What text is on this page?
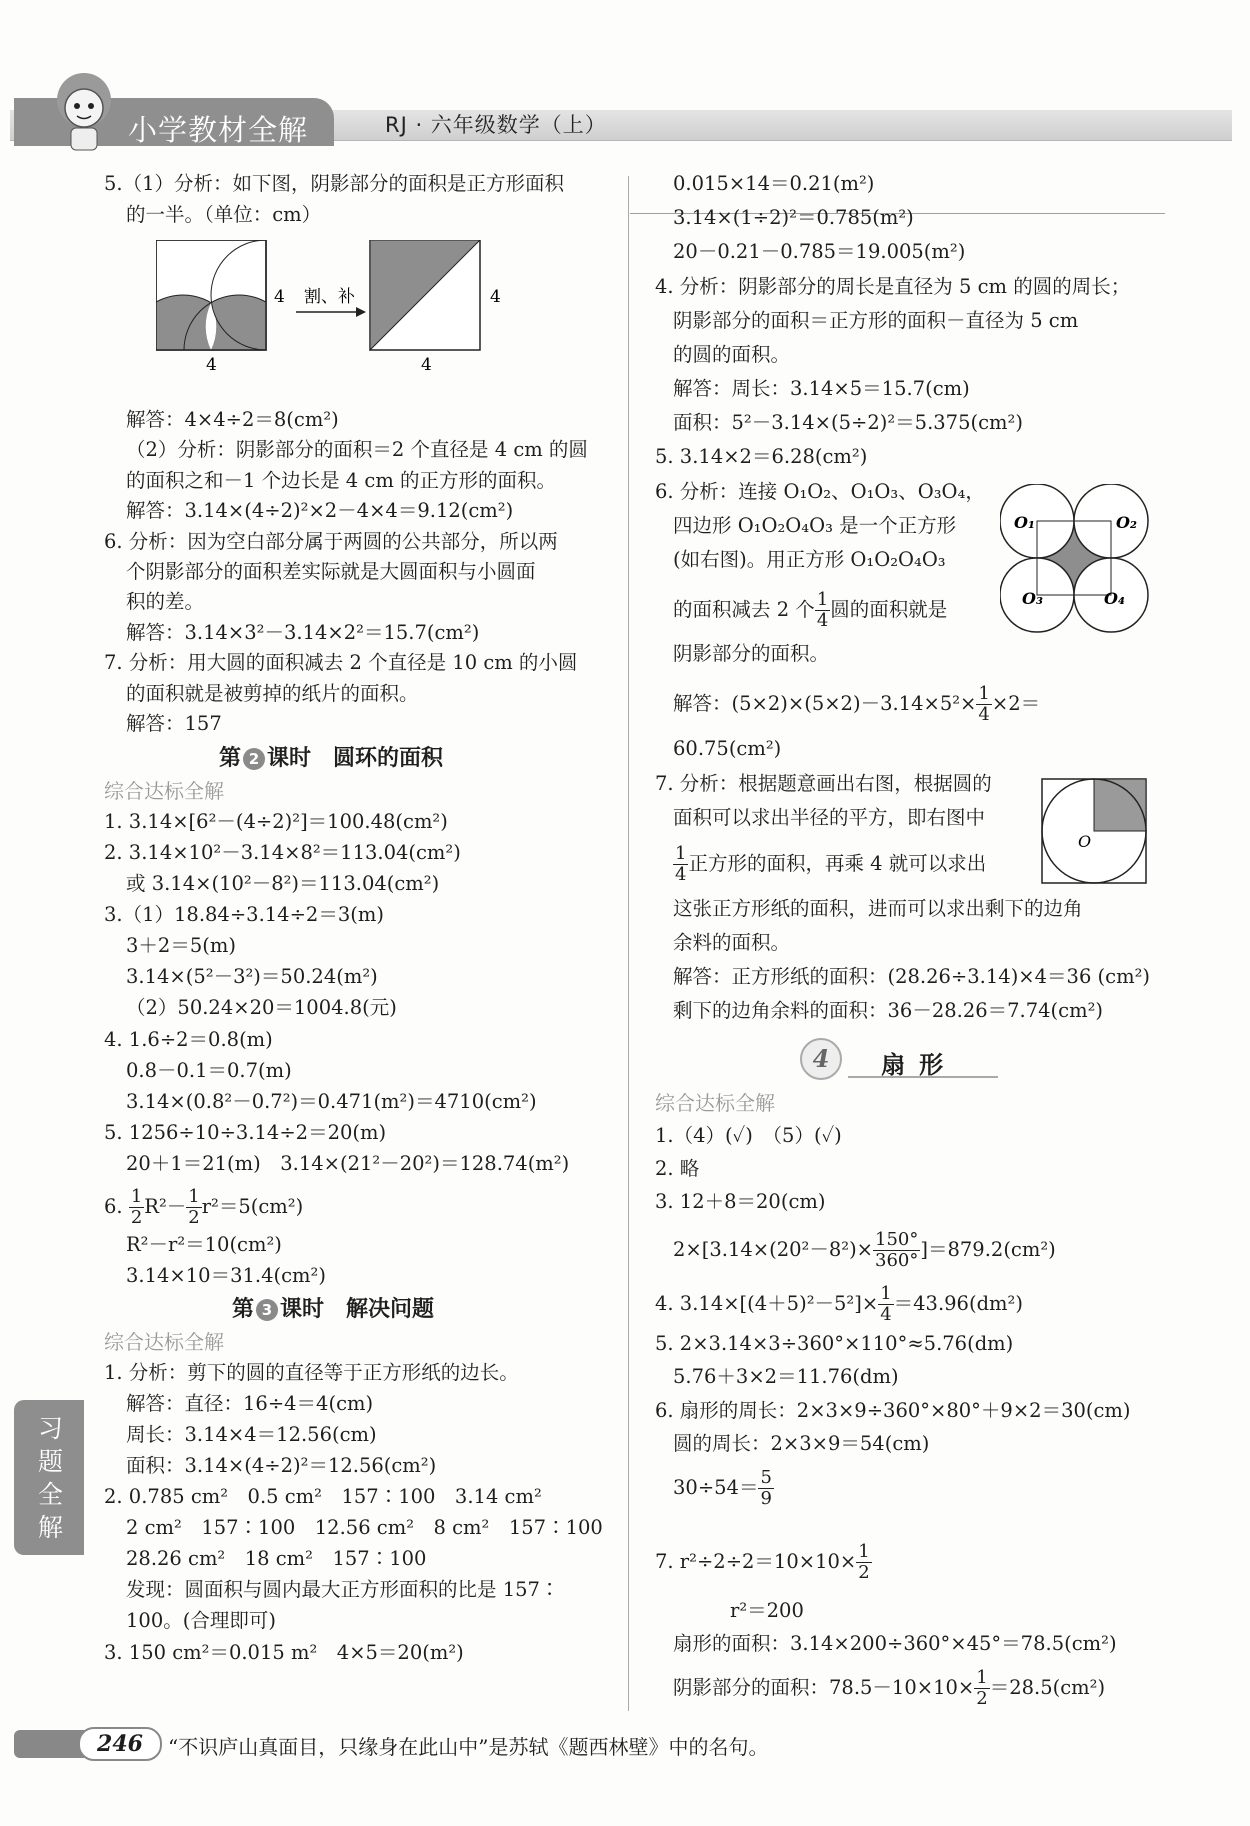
小学教材全解	RJ · 六年级数学（上）
5.（1）分析：如下图，阴影部分的面积是正方形面积
的一半。（单位：cm）
4
4
割、补	4
4
解答：4×4÷2＝8(cm²)
（2）分析：阴影部分的面积＝2 个直径是 4 cm 的圆
的面积之和－1 个边长是 4 cm 的正方形的面积。
解答：3.14×(4÷2)²×2－4×4＝9.12(cm²)
6. 分析：因为空白部分属于两圆的公共部分，所以两
个阴影部分的面积差实际就是大圆面积与小圆面
积的差。
解答：3.14×3²－3.14×2²＝15.7(cm²)
7. 分析：用大圆的面积减去 2 个直径是 10 cm 的小圆
的面积就是被剪掉的纸片的面积。
解答：157
第 2 课时　圆环的面积
综合达标全解
1. 3.14×[6²－(4÷2)²]＝100.48(cm²)
2. 3.14×10²－3.14×8²＝113.04(cm²)
或 3.14×(10²－8²)＝113.04(cm²)
3.（1）18.84÷3.14÷2＝3(m)
3＋2＝5(m)
3.14×(5²－3²)＝50.24(m²)
（2）50.24×20＝1004.8(元)
4. 1.6÷2＝0.8(m)
0.8－0.1＝0.7(m)
3.14×(0.8²－0.7²)＝0.471(m²)＝4710(cm²)
5. 1256÷10÷3.14÷2＝20(m)
20＋1＝21(m)　3.14×(21²－20²)＝128.74(m²)
6. $\frac{1}{2} R^2- \frac{1}{2} r^2=5(cm^2)$
R²－r²＝10(cm²)
3.14×10＝31.4(cm²)
第 3 课时　解决问题
综合达标全解
1. 分析：剪下的圆的直径等于正方形纸的边长。
解答：直径：16÷4＝4(cm)
周长：3.14×4＝12.56(cm)
面积：3.14×(4÷2)²＝12.56(cm²)
2. 0.785 cm²　0.5 cm²　157∶100　3.14 cm²
2 cm²　157∶100　12.56 cm²　8 cm²　157∶100
28.26 cm²　18 cm²　157∶100
发现：圆面积与圆内最大正方形面积的比是 157∶
100。(合理即可)
3. 150 cm²＝0.015 m²　4×5＝20(m²)
0.015×14＝0.21(m²)
3.14×(1÷2)²＝0.785(m²)
20－0.21－0.785＝19.005(m²)
4. 分析：阴影部分的周长是直径为 5 cm 的圆的周长；
阴影部分的面积＝正方形的面积－直径为 5 cm
的圆的面积。
解答：周长：3.14×5＝15.7(cm)
面积：5²－3.14×(5÷2)²＝5.375(cm²)
5. 3.14×2＝6.28(cm²)
6. 分析：连接 O₁O₂、O₁O₃、O₃O₄，
四边形 O₁O₂O₄O₃ 是一个正方形
(如右图)。用正方形 O₁O₂O₄O₃
的面积减去 2 个 $\frac{1}{4}$ 圆的面积就是
阴影部分的面积。
O₁	O₂
O₃	O₄
解答：$(5\times 2)\times(5\times 2)-3.14\times 5^2\times \frac{1}{4} \times 2=$
60.75(cm²)
7. 分析：根据题意画出右图，根据圆的
面积可以求出半径的平方，即右图中
$\frac{1}{4}$ 正方形的面积，再乘 4 就可以求出
这张正方形纸的面积，进而可以求出剩下的边角
余料的面积。
O
解答：正方形纸的面积：(28.26÷3.14)×4＝36 (cm²)
剩下的边角余料的面积：36－28.26＝7.74(cm²)
综合达标全解
1.（4）(✓)　（5）(✓)
2. 略
3. 12＋8＝20(cm)
$2\times[3.14\times(20^2-8^2)\times \frac{150^\circ}{360^\circ} ]=879.2(cm^2)$
4. $3.14\times[(4+5)^2-5^2]\times \frac{1}{4} =43.96(dm^2)$
5. 2×3.14×3÷360°×110°≈5.76(dm)
5.76＋3×2＝11.76(dm)
6. 扇形的周长：2×3×9÷360°×80°＋9×2＝30(cm)
圆的周长：2×3×9＝54(cm)
$30\div 54= \frac{5}{9}$
7. $r^2\div 2\div 2=10\times 10\times \frac{1}{2}$
r²＝200
扇形的面积：3.14×200÷360°×45°＝78.5(cm²)
阴影部分的面积：$78.5-10\times 10\times \frac{1}{2} =28.5(cm^2)$
4 扇形
习题全解
246	“不识庐山真面目，只缘身在此山中”是苏轼《题西林壁》中的名句。
